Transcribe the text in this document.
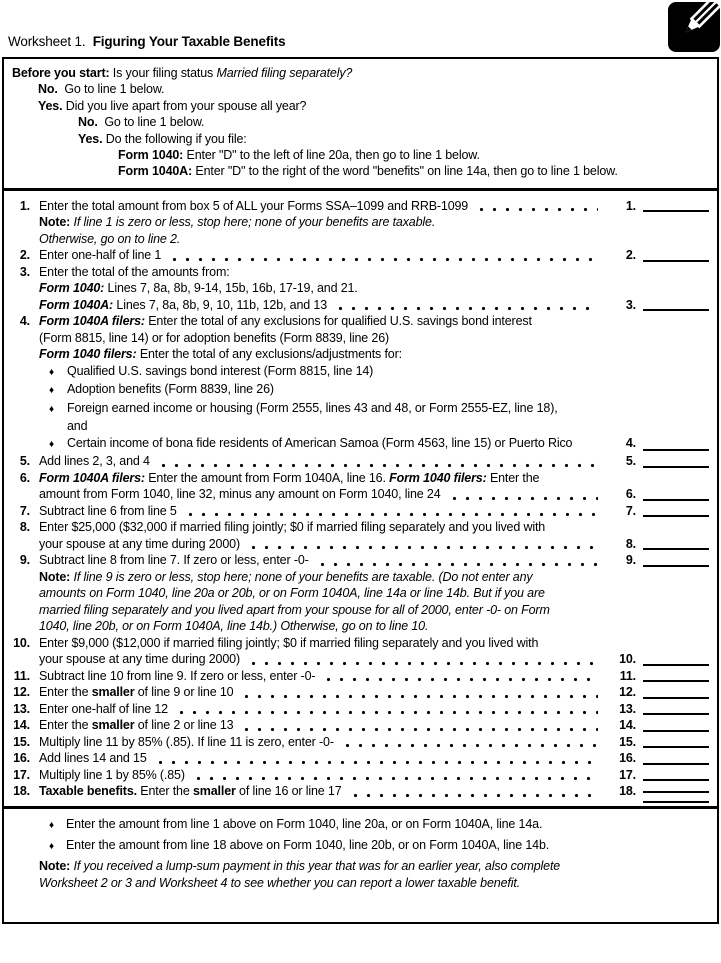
Worksheet 1.  Figuring Your Taxable Benefits
Before you start: Is your filing status Married filing separately?
No. Go to line 1 below.
Yes. Did you live apart from your spouse all year?
No. Go to line 1 below.
Yes. Do the following if you file:
Form 1040: Enter "D" to the left of line 20a, then go to line 1 below.
Form 1040A: Enter "D" to the right of the word "benefits" on line 14a, then go to line 1 below.
1. Enter the total amount from box 5 of ALL your Forms SSA–1099 and RRB-1099	1.
Note: If line 1 is zero or less, stop here; none of your benefits are taxable.
Otherwise, go on to line 2.
2. Enter one-half of line 1	2.
3. Enter the total of the amounts from:
Form 1040: Lines 7, 8a, 8b, 9-14, 15b, 16b, 17-19, and 21.
Form 1040A: Lines 7, 8a, 8b, 9, 10, 11b, 12b, and 13	3.
4. Form 1040A filers: Enter the total of any exclusions for qualified U.S. savings bond interest
(Form 8815, line 14) or for adoption benefits (Form 8839, line 26)
Form 1040 filers: Enter the total of any exclusions/adjustments for:
♦	Qualified U.S. savings bond interest (Form 8815, line 14)
♦	Adoption benefits (Form 8839, line 26)
♦	Foreign earned income or housing (Form 2555, lines 43 and 48, or Form 2555-EZ, line 18),
and
♦	Certain income of bona fide residents of American Samoa (Form 4563, line 15) or Puerto Rico	4.
5. Add lines 2, 3, and 4	5.
6. Form 1040A filers: Enter the amount from Form 1040A, line 16. Form 1040 filers: Enter the
amount from Form 1040, line 32, minus any amount on Form 1040, line 24	6.
7. Subtract line 6 from line 5	7.
8. Enter $25,000 ($32,000 if married filing jointly; $0 if married filing separately and you lived with
your spouse at any time during 2000)	8.
9. Subtract line 8 from line 7. If zero or less, enter -0-	9.
Note: If line 9 is zero or less, stop here; none of your benefits are taxable. (Do not enter any
amounts on Form 1040, line 20a or 20b, or on Form 1040A, line 14a or line 14b. But if you are
married filing separately and you lived apart from your spouse for all of 2000, enter -0- on Form
1040, line 20b, or on Form 1040A, line 14b.) Otherwise, go on to line 10.
10. Enter $9,000 ($12,000 if married filing jointly; $0 if married filing separately and you lived with
your spouse at any time during 2000)	10.
11. Subtract line 10 from line 9. If zero or less, enter -0-	11.
12. Enter the smaller of line 9 or line 10	12.
13. Enter one-half of line 12	13.
14. Enter the smaller of line 2 or line 13	14.
15. Multiply line 11 by 85% (.85). If line 11 is zero, enter -0-	15.
16. Add lines 14 and 15	16.
17. Multiply line 1 by 85% (.85)	17.
18. Taxable benefits. Enter the smaller of line 16 or line 17	18.
♦ Enter the amount from line 1 above on Form 1040, line 20a, or on Form 1040A, line 14a.
♦ Enter the amount from line 18 above on Form 1040, line 20b, or on Form 1040A, line 14b.
Note: If you received a lump-sum payment in this year that was for an earlier year, also complete
Worksheet 2 or 3 and Worksheet 4 to see whether you can report a lower taxable benefit.
